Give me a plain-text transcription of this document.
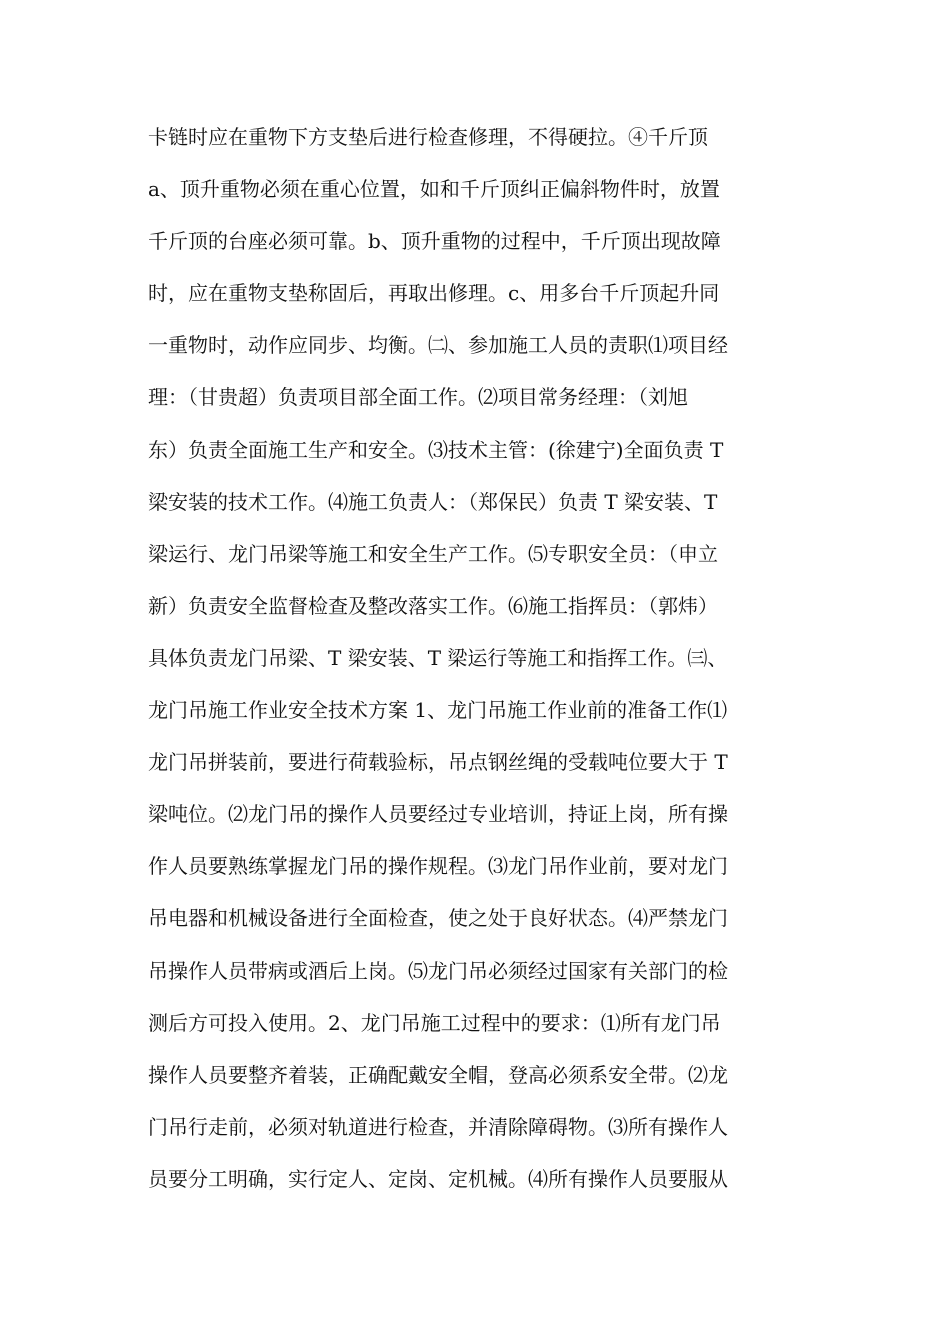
卡链时应在重物下方支垫后进行检查修理，不得硬拉。④千斤顶
a、顶升重物必须在重心位置，如和千斤顶纠正偏斜物件时，放置
千斤顶的台座必须可靠。b、顶升重物的过程中，千斤顶出现故障
时，应在重物支垫称固后，再取出修理。c、用多台千斤顶起升同
一重物时，动作应同步、均衡。㈡、参加施工人员的责职⑴项目经
理：（甘贵超）负责项目部全面工作。⑵项目常务经理：（刘旭
东）负责全面施工生产和安全。⑶技术主管：(徐建宁)全面负责 T
梁安装的技术工作。⑷施工负责人：（郑保民）负责 T 梁安装、T
梁运行、龙门吊梁等施工和安全生产工作。⑸专职安全员：（申立
新）负责安全监督检查及整改落实工作。⑹施工指挥员：（郭炜）
具体负责龙门吊梁、T 梁安装、T 梁运行等施工和指挥工作。㈢、
龙门吊施工作业安全技术方案 1、龙门吊施工作业前的准备工作⑴
龙门吊拼装前，要进行荷载验标，吊点钢丝绳的受载吨位要大于 T
梁吨位。⑵龙门吊的操作人员要经过专业培训，持证上岗，所有操
作人员要熟练掌握龙门吊的操作规程。⑶龙门吊作业前，要对龙门
吊电器和机械设备进行全面检查，使之处于良好状态。⑷严禁龙门
吊操作人员带病或酒后上岗。⑸龙门吊必须经过国家有关部门的检
测后方可投入使用。2、龙门吊施工过程中的要求：⑴所有龙门吊
操作人员要整齐着装，正确配戴安全帽，登高必须系安全带。⑵龙
门吊行走前，必须对轨道进行检查，并清除障碍物。⑶所有操作人
员要分工明确，实行定人、定岗、定机械。⑷所有操作人员要服从
